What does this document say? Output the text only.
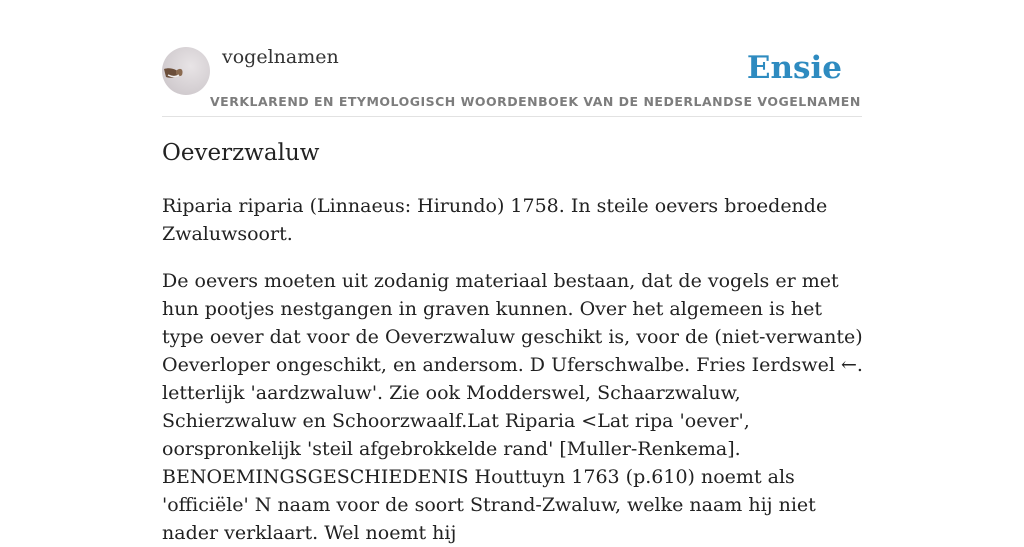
vogelnamen	Ensie
VERKLAREND EN ETYMOLOGISCH WOORDENBOEK VAN DE NEDERLANDSE VOGELNAMEN
Oeverzwaluw

Riparia riparia (Linnaeus: Hirundo) 1758. In steile oevers broedende Zwaluwsoort.

De oevers moeten uit zodanig materiaal bestaan, dat de vogels er met hun pootjes nestgangen in graven kunnen. Over het algemeen is het type oever dat voor de Oeverzwaluw geschikt is, voor de (niet-verwante) Oeverloper ongeschikt, en andersom. D Uferschwalbe. Fries Ierdswel ←. letterlijk 'aardzwaluw'. Zie ook Modderswel, Schaarzwaluw, Schierzwaluw en Schoorzwaalf.Lat Riparia <Lat ripa 'oever', oorspronkelijk 'steil afgebrokkelde rand' [Muller-Renkema].

BENOEMINGSGESCHIEDENIS Houttuyn 1763 (p.610) noemt als 'officiële' N naam voor de soort Strand-Zwaluw, welke naam hij niet nader verklaart. Wel noemt hij
